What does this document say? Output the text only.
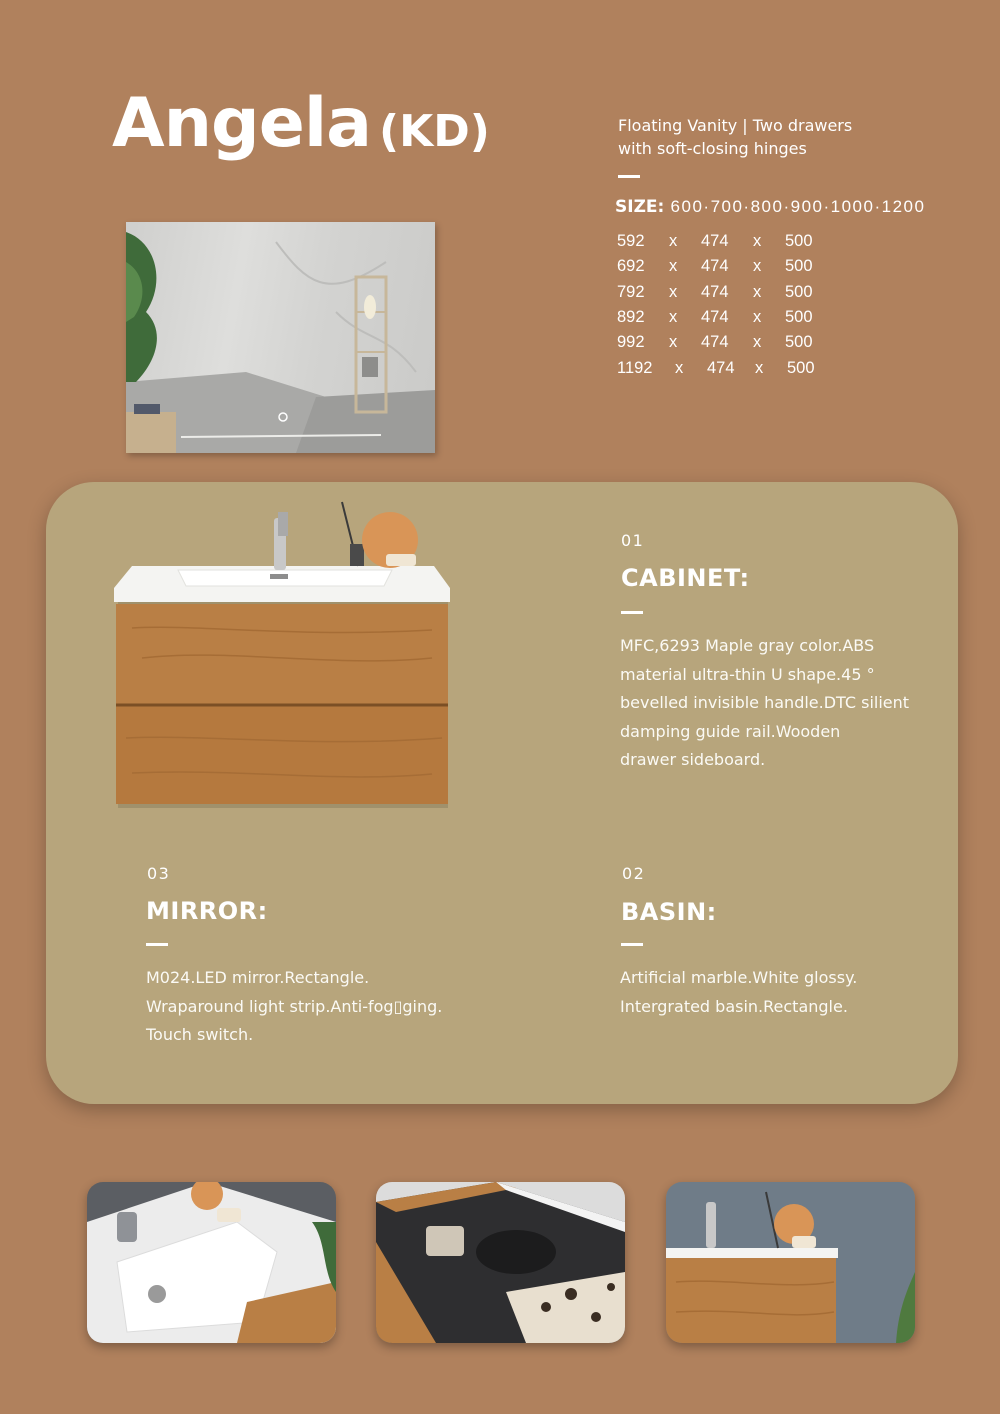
Angela (KD)	Floating Vanity | Two drawers
with soft-closing hinges
SIZE: 600·700·800·900·1000·1200
592	x	474	x	500
692	x	474	x	500
792	x	474	x	500
892	x	474	x	500
992	x	474	x	500
1192	x	474	x	500
01
CABINET:
MFC,6293 Maple gray color.ABS
material ultra-thin U shape.45 °
bevelled invisible handle.DTC silient
damping guide rail.Wooden
drawer sideboard.
03
MIRROR:
M024.LED mirror.Rectangle.
Wraparound light strip.Anti-fog▯​ging.
Touch switch.
02
BASIN:
Artificial marble.White glossy.
Intergrated basin.Rectangle.
